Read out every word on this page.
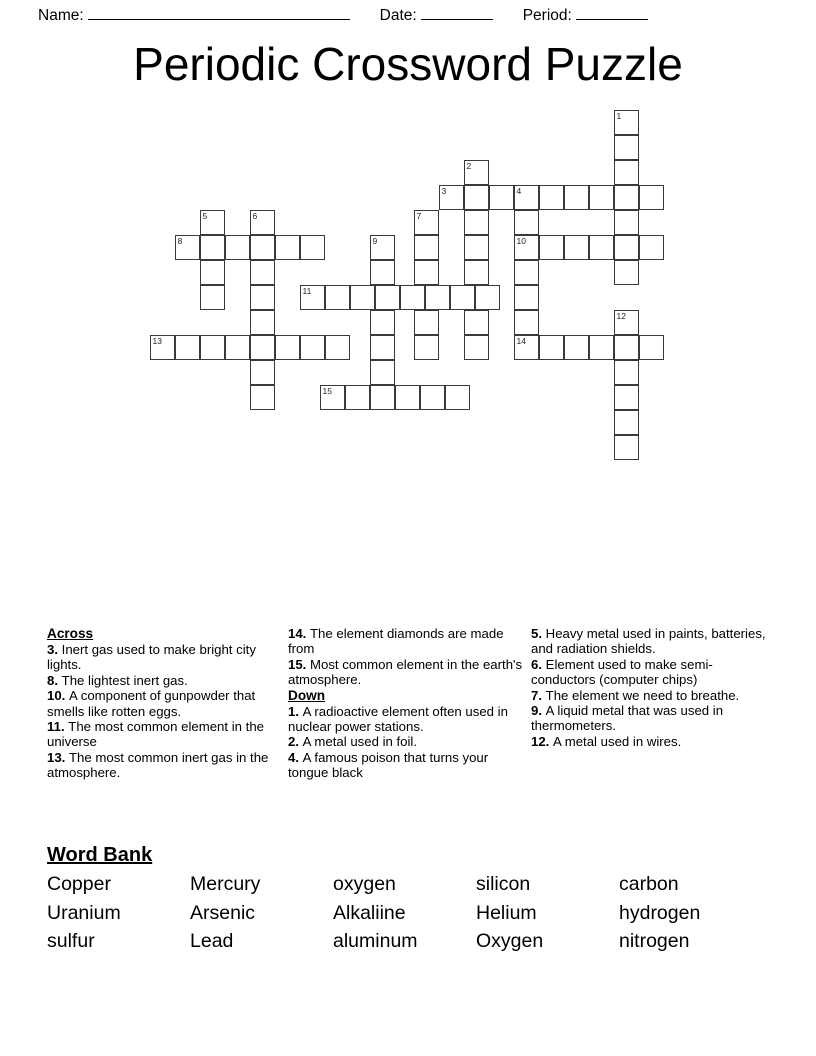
Name:	Date:	Period:
Periodic Crossword Puzzle
1
2
3	4
10
5	6	7
8	9
11
12
13	14
15
Across

3. Inert gas used to make bright city lights.

8. The lightest inert gas.

10. A component of gunpowder that smells like rotten eggs.

11. The most common element in the universe

13. The most common inert gas in the atmosphere.

14. The element diamonds are made from

15. Most common element in the earth's atmosphere.

Down

1. A radioactive element often used in nuclear power stations.

2. A metal used in foil.

4. A famous poison that turns your tongue black

5. Heavy metal used in paints, batteries, and radiation shields.

6. Element used to make semi-conductors (computer chips)

7. The element we need to breathe.

9. A liquid metal that was used in thermometers.

12. A metal used in wires.

Word Bank
Copper	Mercury	oxygen	silicon	carbon
Uranium	Arsenic	Alkaliine	Helium	hydrogen
sulfur	Lead	aluminum	Oxygen	nitrogen
